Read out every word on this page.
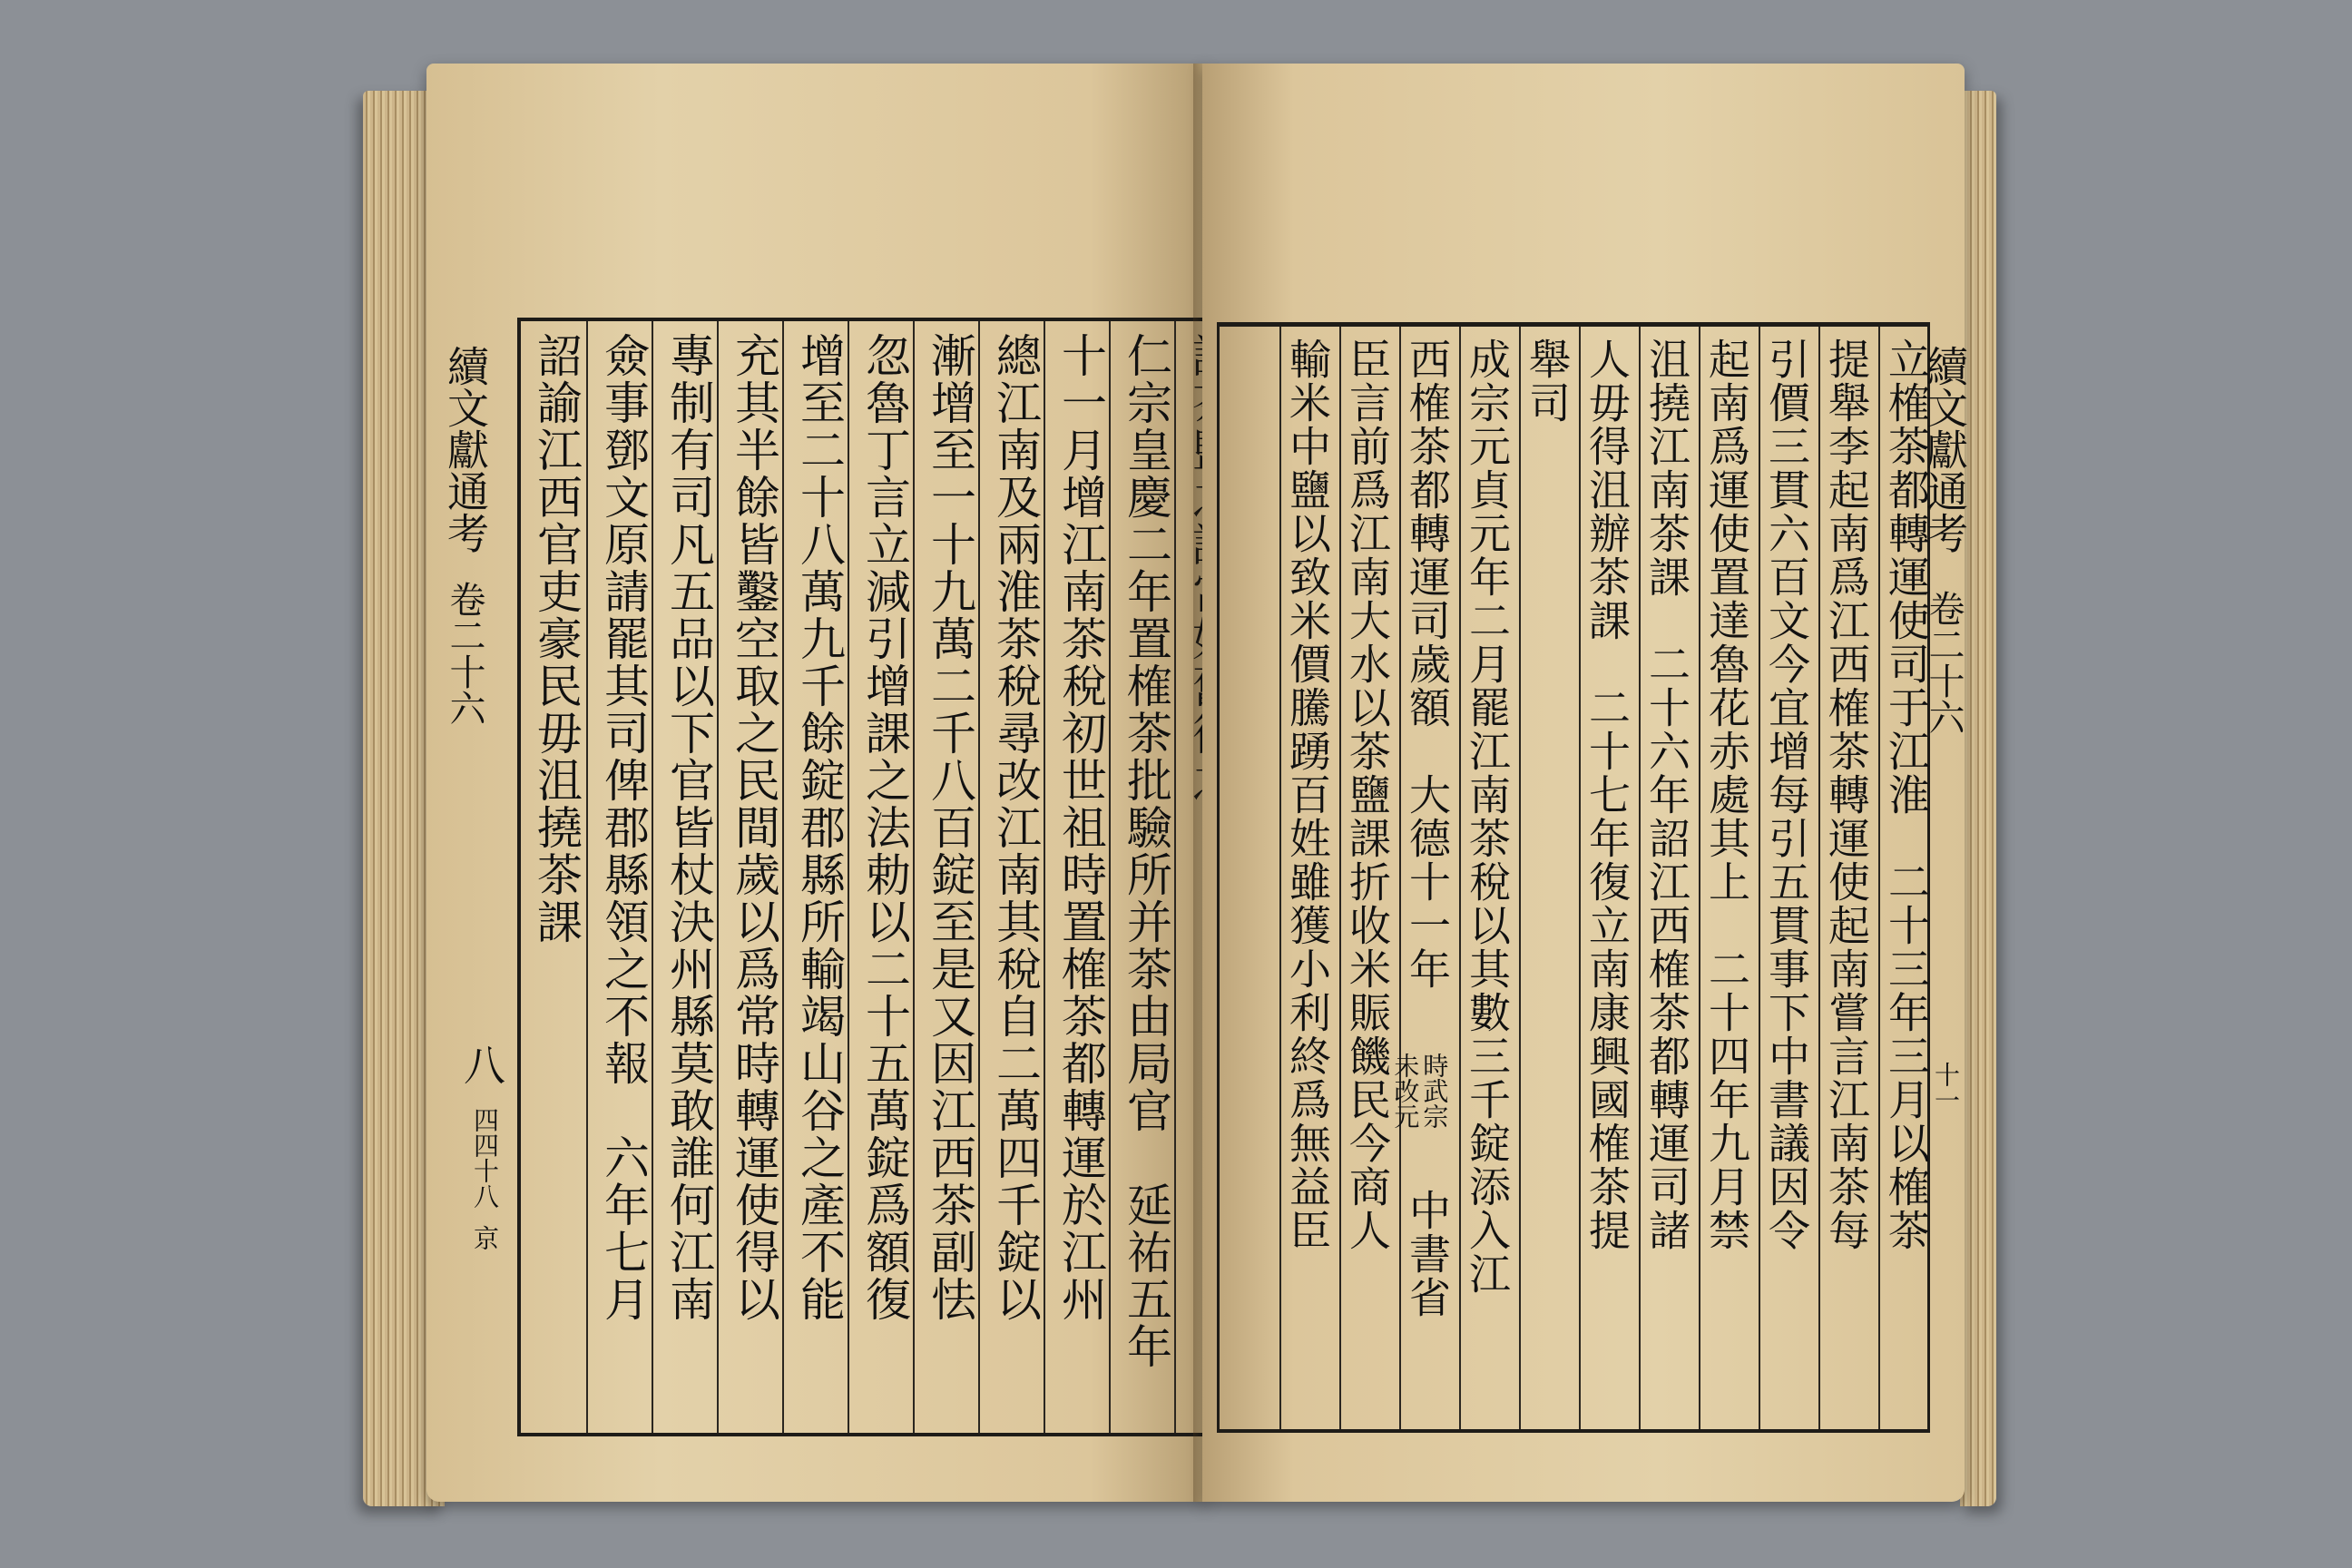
續文獻通考
卷二十六
八
四四十八
京	仁宗皇慶二年置榷茶批驗所并茶由局官　延祐五年
十一月增江南茶稅初世祖時置榷茶都轉運於江州
總江南及兩淮茶稅尋改江南其稅自二萬四千錠以
漸增至一十九萬二千八百錠至是又因江西茶副怯
忽魯丁言立減引增課之法勅以二十五萬錠爲額復
增至二十八萬九千餘錠郡縣所輸竭山谷之產不能
充其半餘皆鑿空取之民間歲以爲常時轉運使得以
專制有司凡五品以下官皆杖決州縣莫敢誰何江南
僉事鄧文原請罷其司俾郡縣領之不報　六年七月
詔諭江西官吏豪民毋沮撓茶課	立榷茶都轉運使司于江淮　二十三年三月以榷茶
提舉李起南爲江西榷茶轉運使起南嘗言江南茶每
引價三貫六百文今宜增每引五貫事下中書議因令
起南爲運使置達魯花赤處其上　二十四年九月禁
沮撓江南茶課　二十六年詔江西榷茶都轉運司諸
人毋得沮辦茶課　二十七年復立南康興國榷茶提
舉司
成宗元貞元年二月罷江南茶稅以其數三千錠添入江
西榷茶都轉運司歲額　大德十一年
時武宗
未改元
中書省
臣言前爲江南大水以茶鹽課折收米賑饑民今商人
輸米中鹽以致米價騰踴百姓雖獲小利終爲無益臣	續文獻通考
卷二十六
十一
